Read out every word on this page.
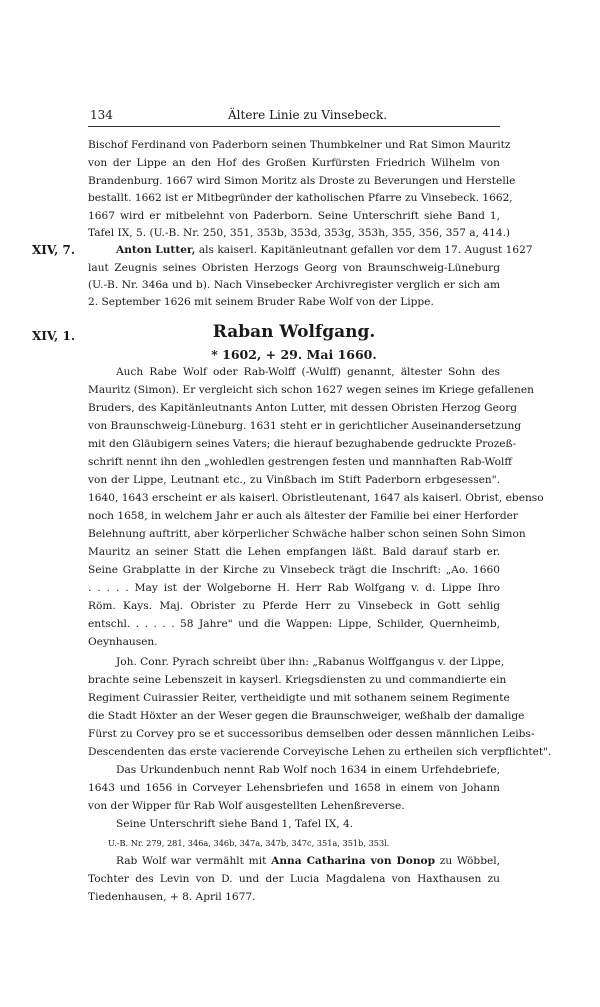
134	Ältere Linie zu Vinsebeck.
Bischof Ferdinand von Paderborn seinen Thumbkelner und Rat Simon Mauritz
von der Lippe an den Hof des Großen Kurfürsten Friedrich Wilhelm von
Brandenburg. 1667 wird Simon Moritz als Droste zu Beverungen und Herstelle
bestallt. 1662 ist er Mitbegründer der katholischen Pfarre zu Vinsebeck. 1662,
1667 wird er mitbelehnt von Paderborn. Seine Unterschrift siehe Band 1,
Tafel IX, 5. (U.-B. Nr. 250, 351, 353b, 353d, 353g, 353h, 355, 356, 357 a, 414.)
XIV, 7.	Anton Lutter, als kaiserl. Kapitänleutnant gefallen vor dem 17. August 1627
laut Zeugnis seines Obristen Herzogs Georg von Braunschweig-Lüneburg
(U.-B. Nr. 346a und b). Nach Vinsebecker Archivregister verglich er sich am
2. September 1626 mit seinem Bruder Rabe Wolf von der Lippe.
XIV, 1.	Raban Wolfgang.
* 1602, + 29. Mai 1660.
Auch Rabe Wolf oder Rab-Wolff (-Wulff) genannt, ältester Sohn des
Mauritz (Simon). Er vergleicht sich schon 1627 wegen seines im Kriege gefallenen
Bruders, des Kapitänleutnants Anton Lutter, mit dessen Obristen Herzog Georg
von Braunschweig-Lüneburg. 1631 steht er in gerichtlicher Auseinandersetzung
mit den Gläubigern seines Vaters; die hierauf bezughabende gedruckte Prozeß-
schrift nennt ihn den „wohledlen gestrengen festen und mannhaften Rab-Wolff
von der Lippe, Leutnant etc., zu Vinßbach im Stift Paderborn erbgesessen".
1640, 1643 erscheint er als kaiserl. Obristleutenant, 1647 als kaiserl. Obrist, ebenso
noch 1658, in welchem Jahr er auch als ältester der Familie bei einer Herforder
Belehnung auftritt, aber körperlicher Schwäche halber schon seinen Sohn Simon
Mauritz an seiner Statt die Lehen empfangen läßt. Bald darauf starb er.
Seine Grabplatte in der Kirche zu Vinsebeck trägt die Inschrift: „Ao. 1660
. . . . . May ist der Wolgeborne H. Herr Rab Wolfgang v. d. Lippe Ihro
Röm. Kays. Maj. Obrister zu Pferde Herr zu Vinsebeck in Gott sehlig
entschl. . . . . . 58 Jahre" und die Wappen: Lippe, Schilder, Quernheimb,
Oeynhausen.
Joh. Conr. Pyrach schreibt über ihn: „Rabanus Wolffgangus v. der Lippe,
brachte seine Lebenszeit in kayserl. Kriegsdiensten zu und commandierte ein
Regiment Cuirassier Reiter, vertheidigte und mit sothanem seinem Regimente
die Stadt Höxter an der Weser gegen die Braunschweiger, weßhalb der damalige
Fürst zu Corvey pro se et successoribus demselben oder dessen männlichen Leibs-
Descendenten das erste vacierende Corveyische Lehen zu ertheilen sich verpflichtet".
Das Urkundenbuch nennt Rab Wolf noch 1634 in einem Urfehdebriefe,
1643 und 1656 in Corveyer Lehensbriefen und 1658 in einem von Johann
von der Wipper für Rab Wolf ausgestellten Lehenßreverse.
Seine Unterschrift siehe Band 1, Tafel IX, 4.
U.-B. Nr. 279, 281, 346a, 346b, 347a, 347b, 347c, 351a, 351b, 353l.
Rab Wolf war vermählt mit Anna Catharina von Donop zu Wöbbel,
Tochter des Levin von D. und der Lucia Magdalena von Haxthausen zu
Tiedenhausen, + 8. April 1677.
